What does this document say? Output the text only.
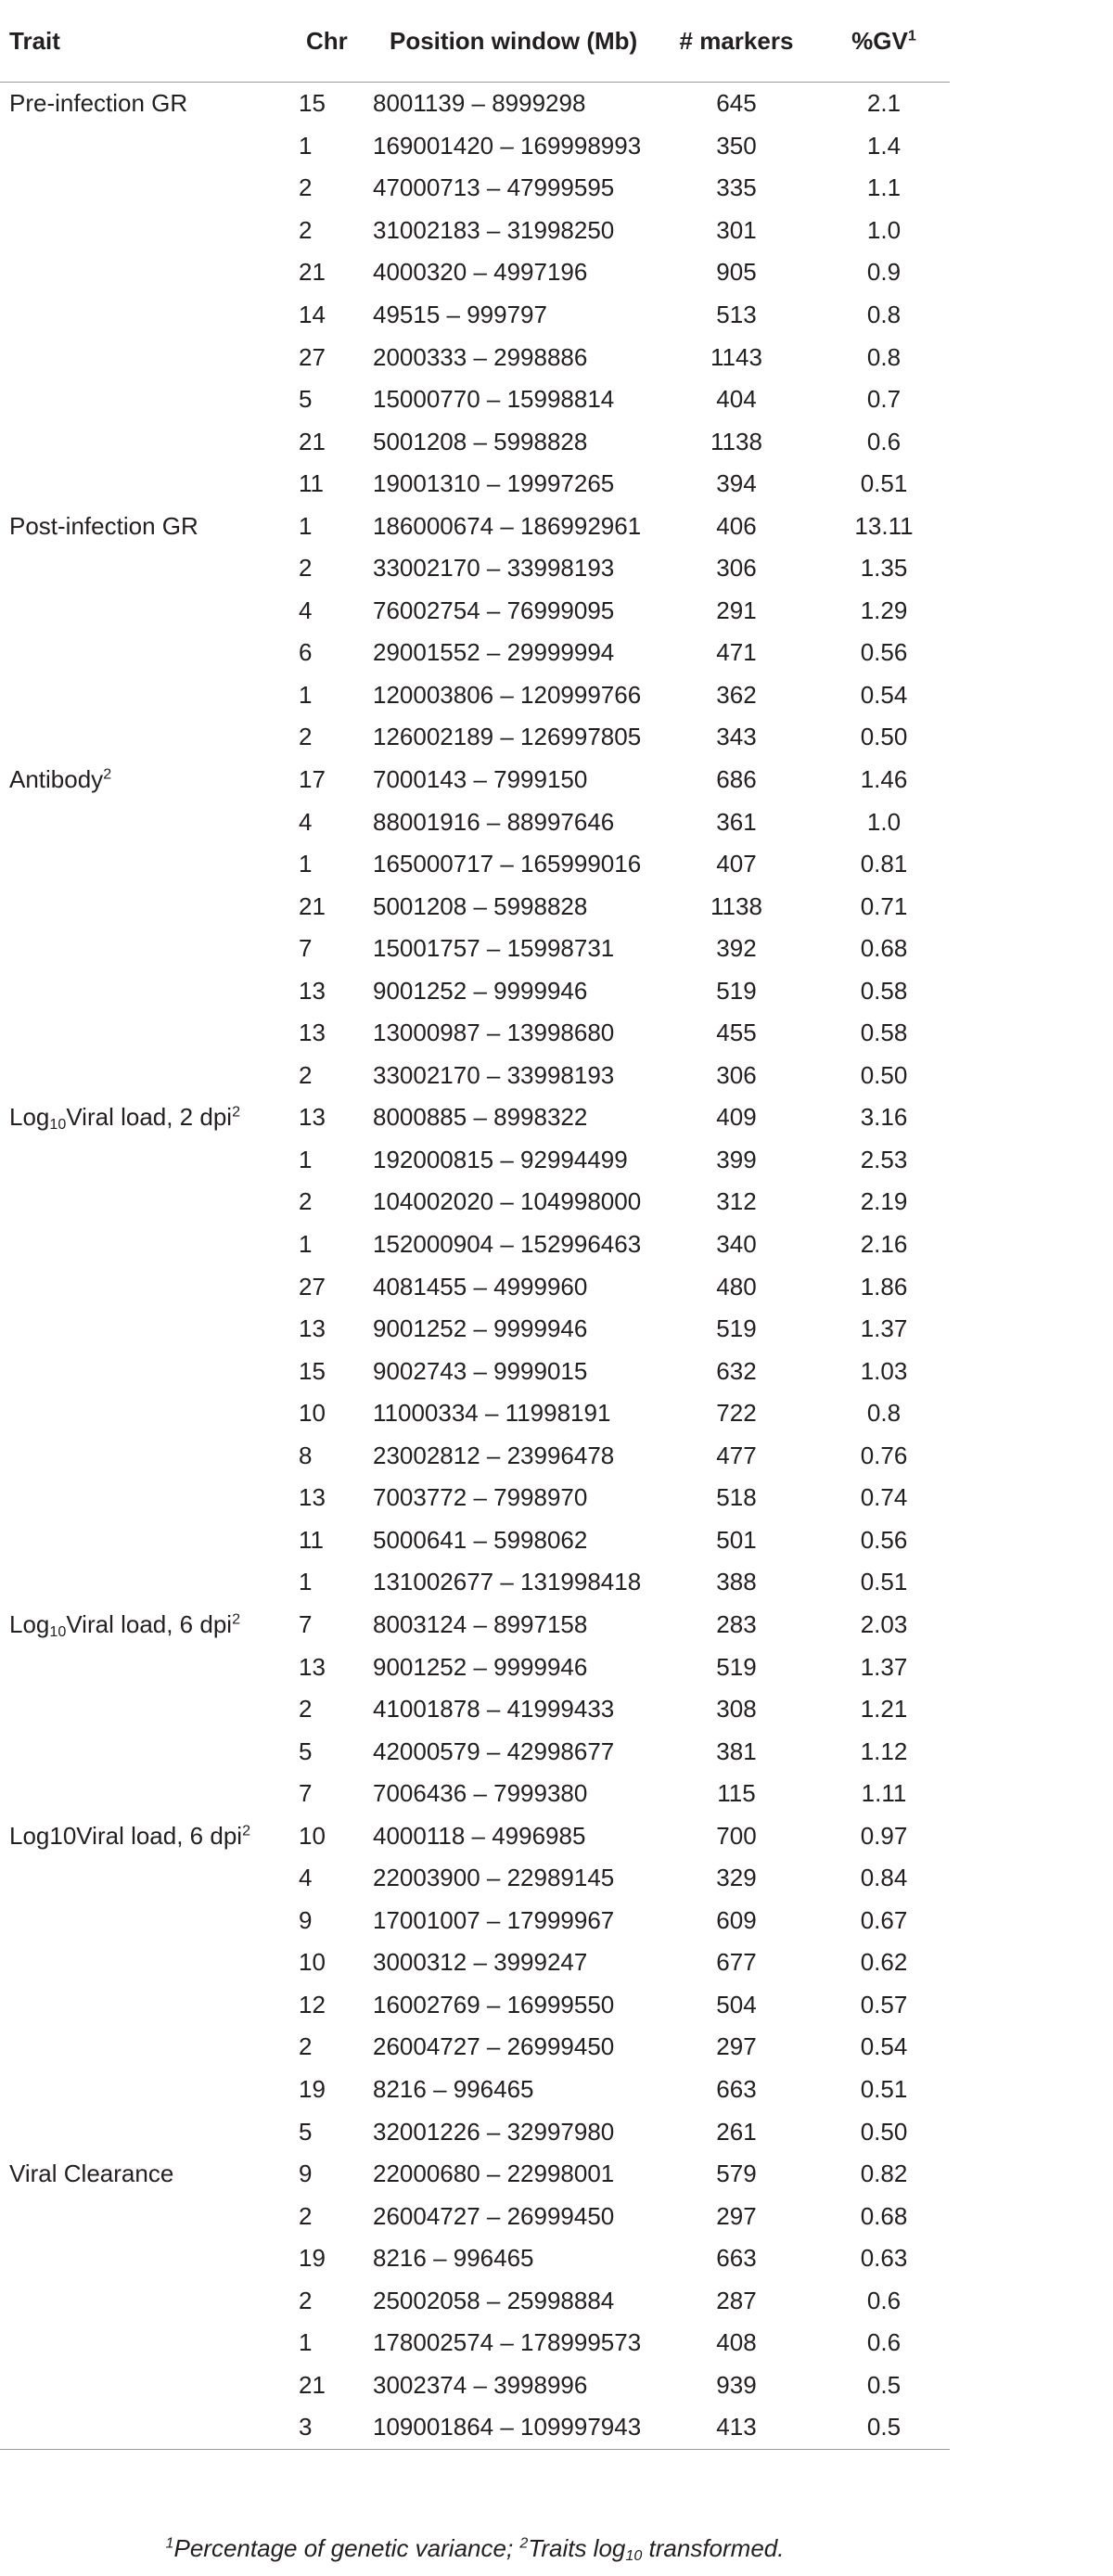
Trait	Chr	Position window (Mb)	# markers	$\%GV^1$
Pre-infection GR	15	8001139 – 8999298	645	2.1
	1	169001420 – 169998993	350	1.4
	2	47000713 – 47999595	335	1.1
	2	31002183 – 31998250	301	1.0
	21	4000320 – 4997196	905	0.9
	14	49515 – 999797	513	0.8
	27	2000333 – 2998886	1143	0.8
	5	15000770 – 15998814	404	0.7
	21	5001208 – 5998828	1138	0.6
	11	19001310 – 19997265	394	0.51
Post-infection GR	1	186000674 – 186992961	406	13.11
	2	33002170 – 33998193	306	1.35
	4	76002754 – 76999095	291	1.29
	6	29001552 – 29999994	471	0.56
	1	120003806 – 120999766	362	0.54
	2	126002189 – 126997805	343	0.50
Antibody$^2$	17	7000143 – 7999150	686	1.46
	4	88001916 – 88997646	361	1.0
	1	165000717 – 165999016	407	0.81
	21	5001208 – 5998828	1138	0.71
	7	15001757 – 15998731	392	0.68
	13	9001252 – 9999946	519	0.58
	13	13000987 – 13998680	455	0.58
	2	33002170 – 33998193	306	0.50
Log$_{10}$Viral load, 2 dpi$^2$	13	8000885 – 8998322	409	3.16
	1	192000815 – 92994499	399	2.53
	2	104002020 – 104998000	312	2.19
	1	152000904 – 152996463	340	2.16
	27	4081455 – 4999960	480	1.86
	13	9001252 – 9999946	519	1.37
	15	9002743 – 9999015	632	1.03
	10	11000334 – 11998191	722	0.8
	8	23002812 – 23996478	477	0.76
	13	7003772 – 7998970	518	0.74
	11	5000641 – 5998062	501	0.56
	1	131002677 – 131998418	388	0.51
Log$_{10}$Viral load, 6 dpi$^2$	7	8003124 – 8997158	283	2.03
	13	9001252 – 9999946	519	1.37
	2	41001878 – 41999433	308	1.21
	5	42000579 – 42998677	381	1.12
	7	7006436 – 7999380	115	1.11
Log10Viral load, 6 dpi$^2$	10	4000118 – 4996985	700	0.97
	4	22003900 – 22989145	329	0.84
	9	17001007 – 17999967	609	0.67
	10	3000312 – 3999247	677	0.62
	12	16002769 – 16999550	504	0.57
	2	26004727 – 26999450	297	0.54
	19	8216 – 996465	663	0.51
	5	32001226 – 32997980	261	0.50
Viral Clearance	9	22000680 – 22998001	579	0.82
	2	26004727 – 26999450	297	0.68
	19	8216 – 996465	663	0.63
	2	25002058 – 25998884	287	0.6
	1	178002574 – 178999573	408	0.6
	21	3002374 – 3998996	939	0.5
	3	109001864 – 109997943	413	0.5
$^1$Percentage of genetic variance; $^2$Traits $\log_{10}$ transformed.
